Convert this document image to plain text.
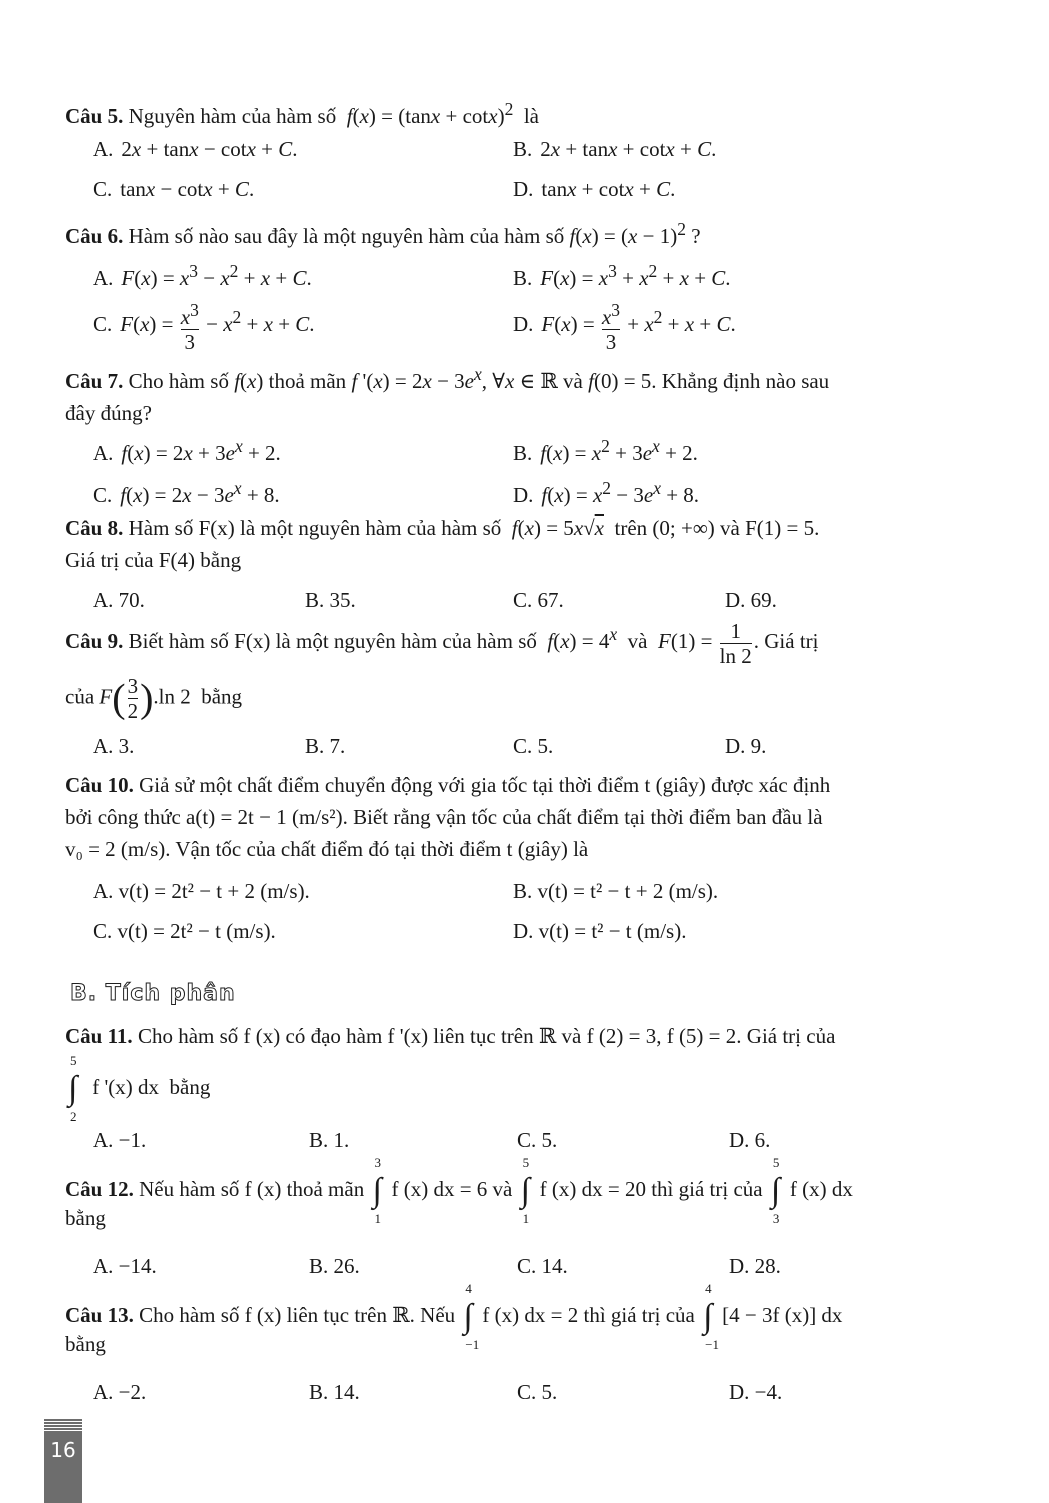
Câu 5. Nguyên hàm của hàm số $f(x) = (\tan x + \cot x)^2$ là
A. 2x + tanx − cotx + C.	B. 2x + tanx + cotx + C.
C. tanx − cotx + C.	D. tanx + cotx + C.
Câu 6. Hàm số nào sau đây là một nguyên hàm của hàm số $f(x) = (x - 1)^2$ ?
A. $F(x) = x^3 - x^2 + x + C$.	B. $F(x) = x^3 + x^2 + x + C$.
C. $F(x) = \frac{x^3}{3} - x^2 + x + C$.	D. $F(x) = \frac{x^3}{3} + x^2 + x + C$.
Câu 7. Cho hàm số f(x) thoả mãn f '$(x) = 2x - 3e^x$, ∀x ∈ ℝ và f(0) = 5. Khẳng định nào sau
đây đúng?
A. $f(x) = 2x + 3e^x + 2$.	B. $f(x) = x^2 + 3e^x + 2$.
C. $f(x) = 2x - 3e^x + 8$.	D. $f(x) = x^2 - 3e^x + 8$.
Câu 8. Hàm số F(x) là một nguyên hàm của hàm số f(x) = 5x√x trên (0; +∞) và F(1) = 5.
Giá trị của F(4) bằng
A. 70.	B. 35.	C. 67.	D. 69.
Câu 9. Biết hàm số F(x) là một nguyên hàm của hàm số $f(x) = 4^x$ và $F(1) = \frac{1}{\ln 2}$ . Giá trị
của $F( \frac{3}{2} ).\ln$ 2  bằng
A. 3.	B. 7.	C. 5.	D. 9.
Câu 10. Giả sử một chất điểm chuyển động với gia tốc tại thời điểm t (giây) được xác định
bởi công thức a(t) = 2t − 1 (m/s²). Biết rằng vận tốc của chất điểm tại thời điểm ban đầu là
v₀ = 2 (m/s). Vận tốc của chất điểm đó tại thời điểm t (giây) là
A. v(t) = 2t² − t + 2 (m/s).	B. v(t) = t² − t + 2 (m/s).
C. v(t) = 2t² − t (m/s).	D. v(t) = t² − t (m/s).
B. Tích phân
Câu 11. Cho hàm số f (x) có đạo hàm f '(x) liên tục trên ℝ và f (2) = 3, f (5) = 2. Giá trị của
5
∫
2
f '(x) dx bằng
A. −1.	B. 1.	C. 5.	D. 6.
Câu 12. Nếu hàm số f (x) thoả mãn
3
∫
1
f (x) dx = 6 và
5
∫
1
f (x) dx = 20 thì giá trị của
5
∫
3
f (x) dx
bằng
A. −14.	B. 26.	C. 14.	D. 28.
Câu 13. Cho hàm số f (x) liên tục trên ℝ. Nếu
4
∫
−1
f (x) dx = 2 thì giá trị của
4
∫
−1
[4 − 3f (x)] dx
bằng
A. −2.	B. 14.	C. 5.	D. −4.
16
